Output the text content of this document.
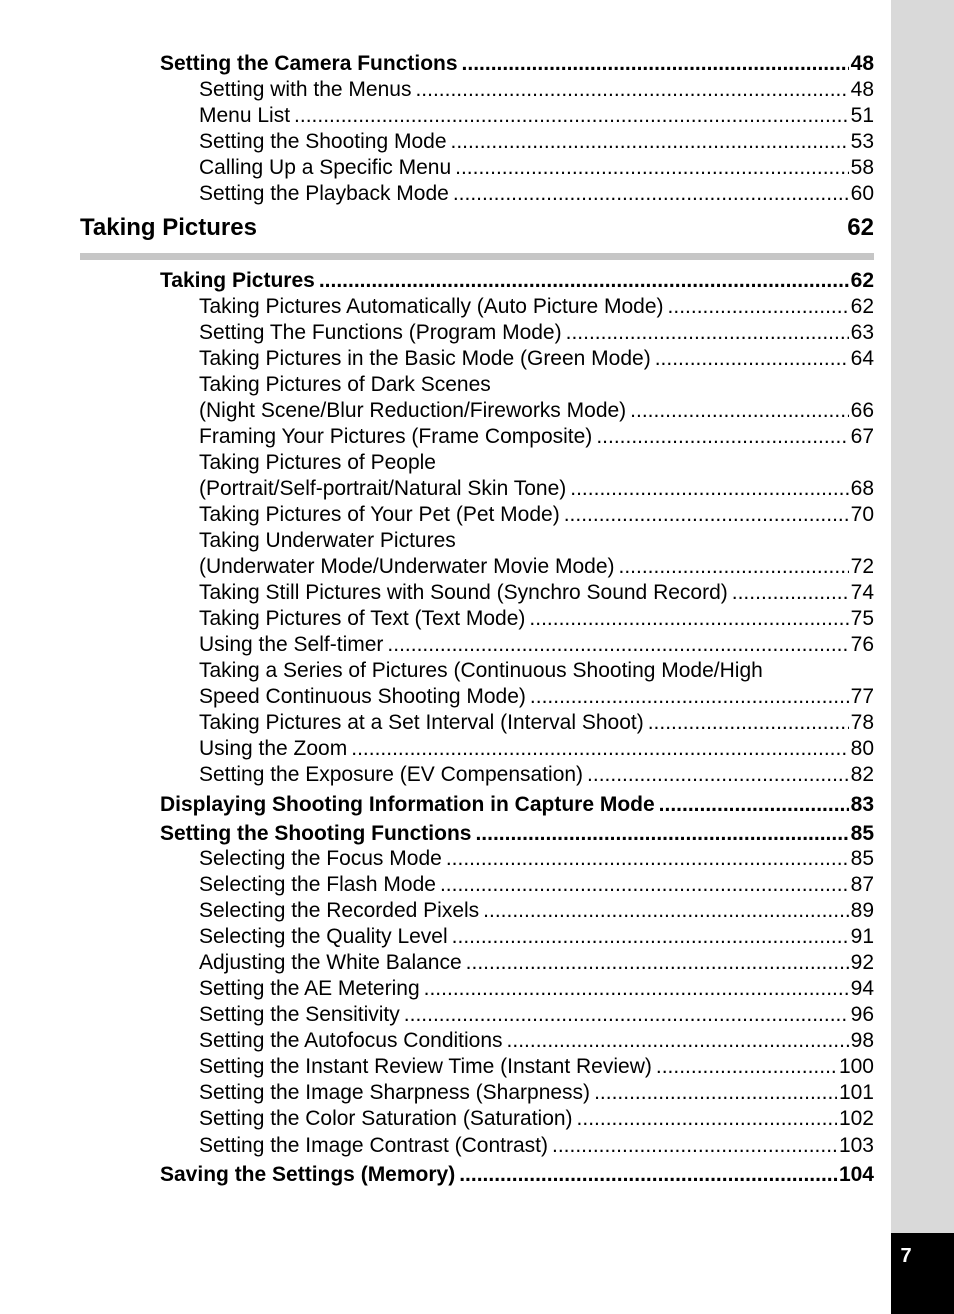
7
Setting the Camera Functions .....	48
Setting with the Menus .....	48
Menu List .....	51
Setting the Shooting Mode .....	53
Calling Up a Specific Menu .....	58
Setting the Playback Mode .....	60
Taking Pictures	62
Taking Pictures .....	62
Taking Pictures Automatically (Auto Picture Mode) .....	62
Setting The Functions (Program Mode) .....	63
Taking Pictures in the Basic Mode (Green Mode) .....	64
Taking Pictures of Dark Scenes
(Night Scene/Blur Reduction/Fireworks Mode) .....	66
Framing Your Pictures (Frame Composite) .....	67
Taking Pictures of People
(Portrait/Self-portrait/Natural Skin Tone) .....	68
Taking Pictures of Your Pet (Pet Mode) .....	70
Taking Underwater Pictures
(Underwater Mode/Underwater Movie Mode) .....	72
Taking Still Pictures with Sound (Synchro Sound Record) .....	74
Taking Pictures of Text (Text Mode) .....	75
Using the Self-timer .....	76
Taking a Series of Pictures (Continuous Shooting Mode/High
Speed Continuous Shooting Mode) .....	77
Taking Pictures at a Set Interval (Interval Shoot) .....	78
Using the Zoom .....	80
Setting the Exposure (EV Compensation) .....	82
Displaying Shooting Information in Capture Mode .....	83
Setting the Shooting Functions .....	85
Selecting the Focus Mode .....	85
Selecting the Flash Mode .....	87
Selecting the Recorded Pixels .....	89
Selecting the Quality Level .....	91
Adjusting the White Balance .....	92
Setting the AE Metering .....	94
Setting the Sensitivity .....	96
Setting the Autofocus Conditions .....	98
Setting the Instant Review Time (Instant Review) .....	100
Setting the Image Sharpness (Sharpness) .....	101
Setting the Color Saturation (Saturation) .....	102
Setting the Image Contrast (Contrast) .....	103
Saving the Settings (Memory) .....	104
